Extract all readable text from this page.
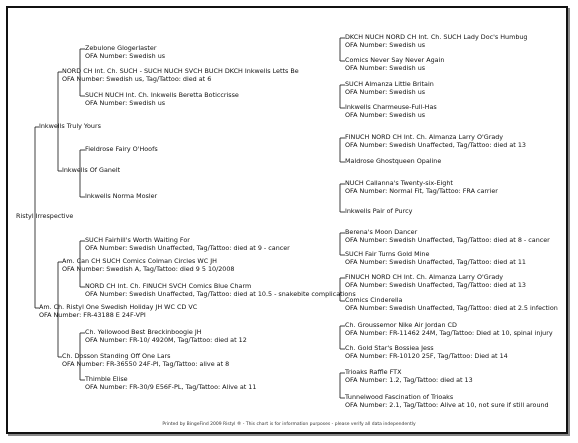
Ristyl Irrespective
Inkwells Truly Yours
Am. Ch. Ristyl One Swedish Holiday JH WC CD VC
OFA Number: FR-43188 E 24F-VPI
NORD CH Int. Ch. SUCH - SUCH NUCH SVCH BUCH DKCH Inkwells Letts Be
OFA Number: Swedish us, Tag/Tattoo: died at 6
Inkwells Of Ganelt
Am. Can CH SUCH Comics Colman Circles WC JH
OFA Number: Swedish A, Tag/Tattoo: died 9 5 10/2008
Ch. Dosson Standing Off One Lars
OFA Number: FR-36550 24F-PI, Tag/Tattoo: alive at 8
Zebulone Glogerlaster
OFA Number: Swedish us
SUCH NUCH Int. Ch. Inkwells Beretta Boticcrisse
OFA Number: Swedish us
Fieldrose Fairy O'Hoofs
Inkwells Norma Mosler
SUCH Fairhill's Worth Waiting For
OFA Number: Swedish Unaffected, Tag/Tattoo: died at 9 - cancer
NORD CH Int. Ch. FINUCH SVCH Comics Blue Charm
OFA Number: Swedish Unaffected, Tag/Tattoo: died at 10.5 - snakebite complications
Ch. Yellowood Best Breckinboogie JH
OFA Number: FR-10/ 4920M, Tag/Tattoo: died at 12
Thimble Elise
OFA Number: FR-30/9 E56F-PL, Tag/Tattoo: Alive at 11
DKCH NUCH NORD CH Int. Ch. SUCH Lady Doc's Humbug
OFA Number: Swedish us
Comics Never Say Never Again
OFA Number: Swedish us
SUCH Almanza Little Britain
OFA Number: Swedish us
Inkwells Charmeuse-Full-Has
OFA Number: Swedish us
FINUCH NORD CH Int. Ch. Almanza Larry O'Grady
OFA Number: Swedish Unaffected, Tag/Tattoo: died at 13
Maldrose Ghostqueen Opaline
NUCH Callanna's Twenty-six-Eight
OFA Number: Normal Fit, Tag/Tattoo: FRA carrier
Inkwells Pair of Purcy
Berena's Moon Dancer
OFA Number: Swedish Unaffected, Tag/Tattoo: died at 8 - cancer
SUCH Fair Turns Gold Mine
OFA Number: Swedish Unaffected, Tag/Tattoo: died at 11
FINUCH NORD CH Int. Ch. Almanza Larry O'Grady
OFA Number: Swedish Unaffected, Tag/Tattoo: died at 13
Comics Cinderella
OFA Number: Swedish Unaffected, Tag/Tattoo: died at 2.5 infection
Ch. Groussemor Nike Air Jordan CD
OFA Number: FR-11462 24M, Tag/Tattoo: Died at 10, spinal injury
Ch. Gold Star's Bossiea Jess
OFA Number: FR-10120 25F, Tag/Tattoo: Died at 14
Trioaks Raffle FTX
OFA Number: 1.2, Tag/Tattoo: died at 13
Tunnelwood Fascination of Trioaks
OFA Number: 2.1, Tag/Tattoo: Alive at 10, not sure if still around
Printed by BingeFind 2009 Ristyl ® - This chart is for information purposes - please verify all data independently
